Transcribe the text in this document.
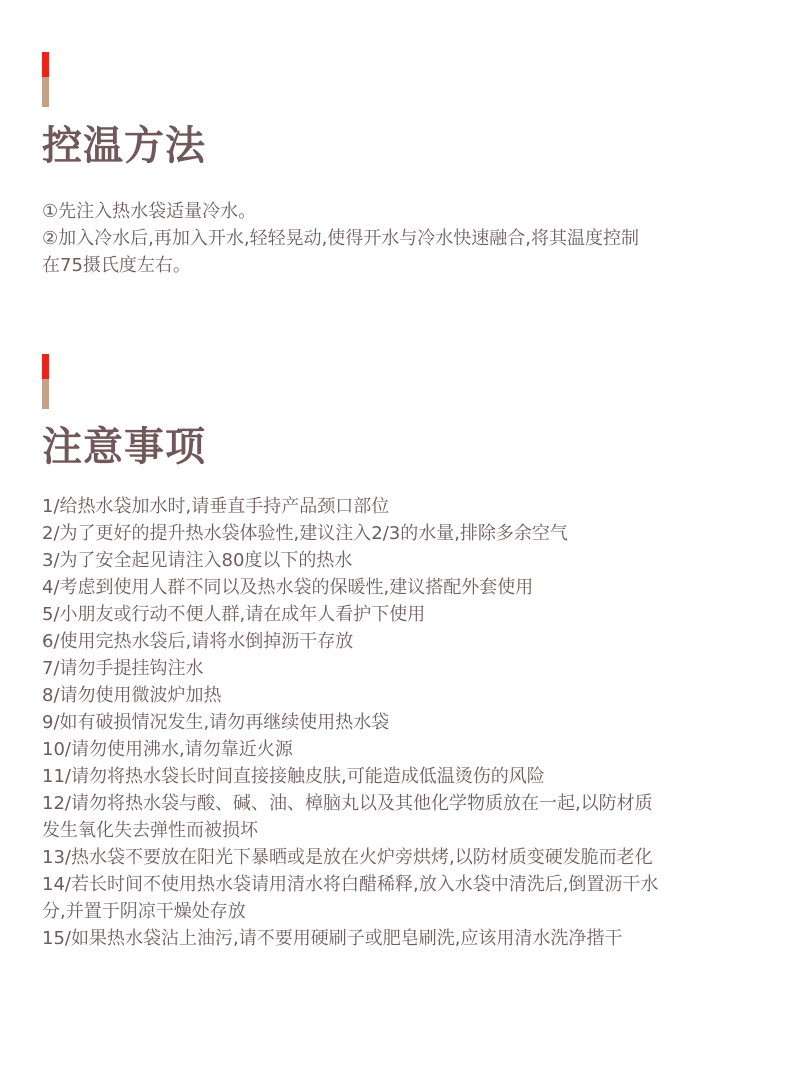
控温方法
①先注入热水袋适量冷水。
②加入冷水后,再加入开水,轻轻晃动,使得开水与冷水快速融合,将其温度控制
在75摄氏度左右。
注意事项
1/给热水袋加水时,请垂直手持产品颈口部位
2/为了更好的提升热水袋体验性,建议注入2/3的水量,排除多余空气
3/为了安全起见请注入80度以下的热水
4/考虑到使用人群不同以及热水袋的保暖性,建议搭配外套使用
5/小朋友或行动不便人群,请在成年人看护下使用
6/使用完热水袋后,请将水倒掉沥干存放
7/请勿手提挂钩注水
8/请勿使用微波炉加热
9/如有破损情况发生,请勿再继续使用热水袋
10/请勿使用沸水,请勿靠近火源
11/请勿将热水袋长时间直接接触皮肤,可能造成低温烫伤的风险
12/请勿将热水袋与酸、碱、油、樟脑丸以及其他化学物质放在一起,以防材质
发生氧化失去弹性而被损坏
13/热水袋不要放在阳光下暴晒或是放在火炉旁烘烤,以防材质变硬发脆而老化
14/若长时间不使用热水袋请用清水将白醋稀释,放入水袋中清洗后,倒置沥干水
分,并置于阴凉干燥处存放
15/如果热水袋沾上油污,请不要用硬刷子或肥皂刷洗,应该用清水洗净揩干
